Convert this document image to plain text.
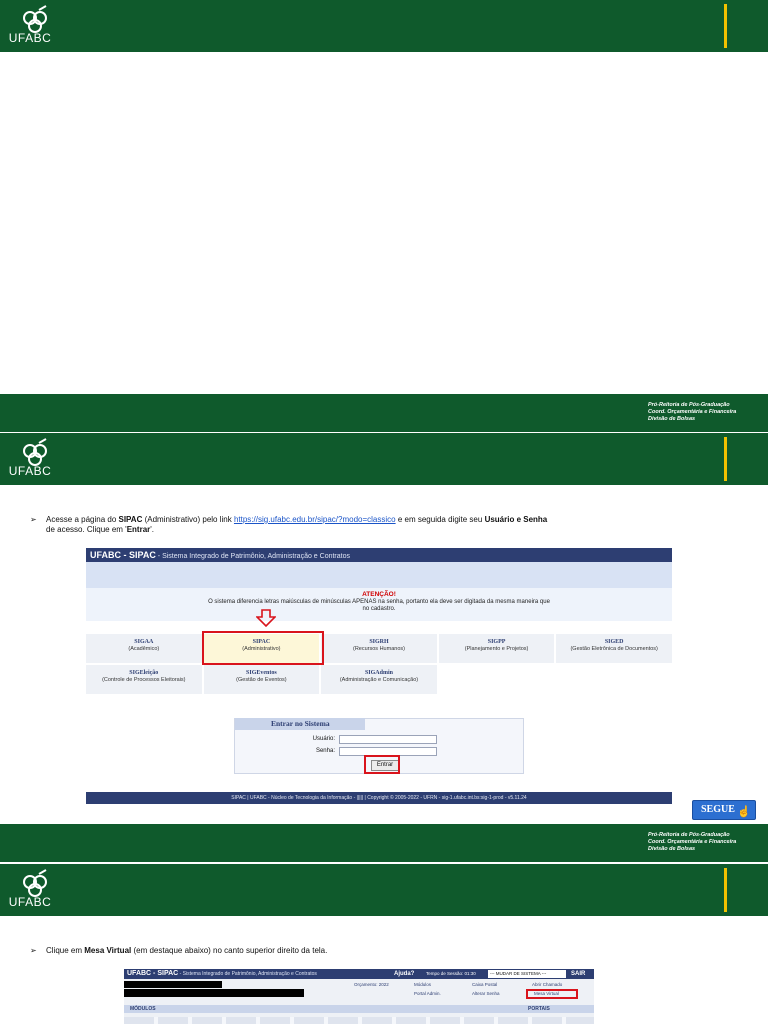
UFABC
Pró-Reitoria de Pós-Graduação
Coord. Orçamentária e Financeira
Divisão de Bolsas
UFABC
➢ Acesse a página do SIPAC (Administrativo) pelo link https://sig.ufabc.edu.br/sipac/?modo=classico e em seguida digite seu Usuário e Senha
de acesso. Clique em 'Entrar'.
UFABC - SIPAC - Sistema Integrado de Patrimônio, Administração e Contratos
ATENÇÃO!
O sistema diferencia letras maiúsculas de minúsculas APENAS na senha, portanto ela deve ser digitada da mesma maneira que
no cadastro.
SIGAA
(Acadêmico)
SIPAC
(Administrativo)
SIGRH
(Recursos Humanos)
SIGPP
(Planejamento e Projetos)
SIGED
(Gestão Eletrônica de Documentos)
SIGEleição
(Controle de Processos Eleitorais)
SIGEventos
(Gestão de Eventos)
SIGAdmin
(Administração e Comunicação)
Entrar no Sistema
Usuário:
Senha:
Entrar
SIPAC | UFABC - Núcleo de Tecnologia da Informação - ||||| | Copyright © 2005-2022 - UFRN - sig-1.ufabc.int.bs:sig-1-prod - v5.11.24
SEGUE ☝
Pró-Reitoria de Pós-Graduação
Coord. Orçamentária e Financeira
Divisão de Bolsas
UFABC
➢ Clique em Mesa Virtual (em destaque abaixo) no canto superior direito da tela.
UFABC - SIPAC - Sistema Integrado de Patrimônio, Administração e Contratos	Ajuda?	Tempo de Sessão: 01:30	--- MUDAR DE SISTEMA ---	SAIR
Orçamento: 2022	Módulos	Caixa Postal	Abrir Chamado
Portal Admin.	Alterar Senha	Mesa Virtual
MÓDULOS	PORTAIS
